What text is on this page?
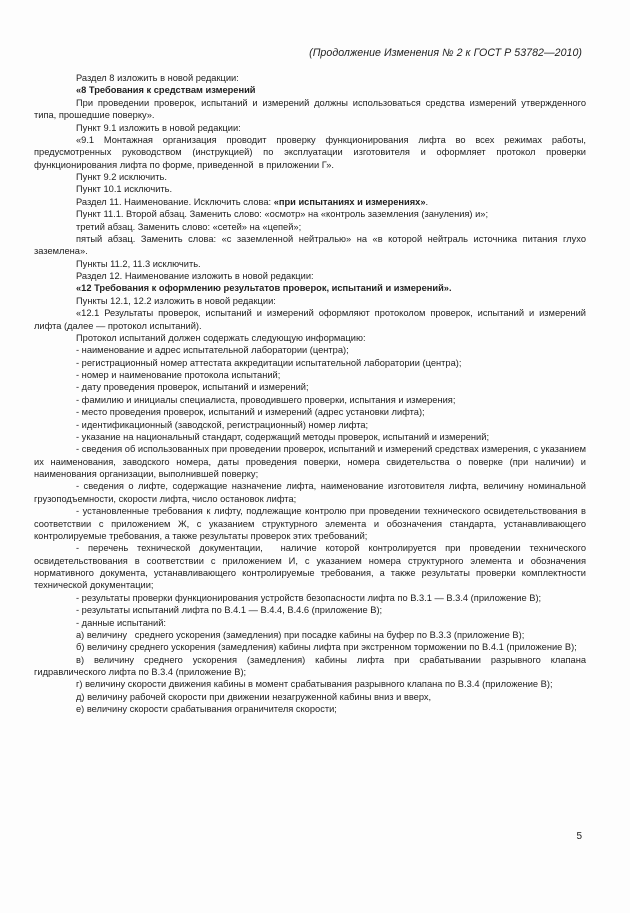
(Продолжение Изменения № 2 к ГОСТ Р 53782—2010)

Раздел 8 изложить в новой редакции:

«8 Требования к средствам измерений

При проведении проверок, испытаний и измерений должны использоваться средства измерений утвержденного типа, прошедшие поверку».

Пункт 9.1 изложить в новой редакции:

«9.1 Монтажная организация проводит проверку функционирования лифта во всех режимах работы, предусмотренных руководством (инструкцией) по эксплуатации изготовителя и оформляет протокол проверки функционирования лифта по форме, приведенной  в приложении Г».

Пункт 9.2 исключить.

Пункт 10.1 исключить.

Раздел 11. Наименование. Исключить слова: «при испытаниях и измерениях».

Пункт 11.1. Второй абзац. Заменить слово: «осмотр» на «контроль заземления (зануления) и»;

третий абзац. Заменить слово: «сетей» на «цепей»;

пятый абзац. Заменить слова: «с заземленной нейтралью» на «в которой нейтраль источника питания глухо заземлена».

Пункты 11.2, 11.3 исключить.

Раздел 12. Наименование изложить в новой редакции:

«12 Требования к оформлению результатов проверок, испытаний и измерений».

Пункты 12.1, 12.2 изложить в новой редакции:

«12.1 Результаты проверок, испытаний и измерений оформляют протоколом проверок, испытаний и измерений лифта (далее — протокол испытаний).

Протокол испытаний должен содержать следующую информацию:

- наименование и адрес испытательной лаборатории (центра);

- регистрационный номер аттестата аккредитации испытательной лаборатории (центра);

- номер и наименование протокола испытаний;

- дату проведения проверок, испытаний и измерений;

- фамилию и инициалы специалиста, проводившего проверки, испытания и измерения;

- место проведения проверок, испытаний и измерений (адрес установки лифта);

- идентификационный (заводской, регистрационный) номер лифта;

- указание на национальный стандарт, содержащий методы проверок, испытаний и измерений;

- сведения об использованных при проведении проверок, испытаний и измерений средствах измерения, с указанием их наименования, заводского номера, даты проведения поверки, номера свидетельства о поверке (при наличии) и наименования организации, выполнившей поверку;

- сведения о лифте, содержащие назначение лифта, наименование изготовителя лифта, величину номинальной грузоподъемности, скорости лифта, число остановок лифта;

- установленные требования к лифту, подлежащие контролю при проведении технического освидетельствования в соответствии с приложением Ж, с указанием структурного элемента и обозначения стандарта, устанавливающего контролируемые требования, а также результаты проверок этих требований;

- перечень технической документации,  наличие которой контролируется при проведении технического освидетельствования в соответствии с приложением И, с указанием номера структурного элемента и обозначения нормативного документа, устанавливающего контролируемые требования, а также результаты проверки комплектности технической документации;

- результаты проверки функционирования устройств безопасности лифта по В.3.1 — В.3.4 (приложение В);

- результаты испытаний лифта по В.4.1 — В.4.4, В.4.6 (приложение В);

- данные испытаний:

а) величину   среднего ускорения (замедления) при посадке кабины на буфер по В.3.3 (приложение В);

б) величину среднего ускорения (замедления) кабины лифта при экстренном торможении по В.4.1 (приложение В);

в) величину среднего ускорения (замедления) кабины лифта при срабатывании разрывного клапана гидравлического лифта по В.3.4 (приложение В);

г) величину скорости движения кабины в момент срабатывания разрывного клапана по В.3.4 (приложение В);

д) величину рабочей скорости при движении незагруженной кабины вниз и вверх,

е) величину скорости срабатывания ограничителя скорости;

5
